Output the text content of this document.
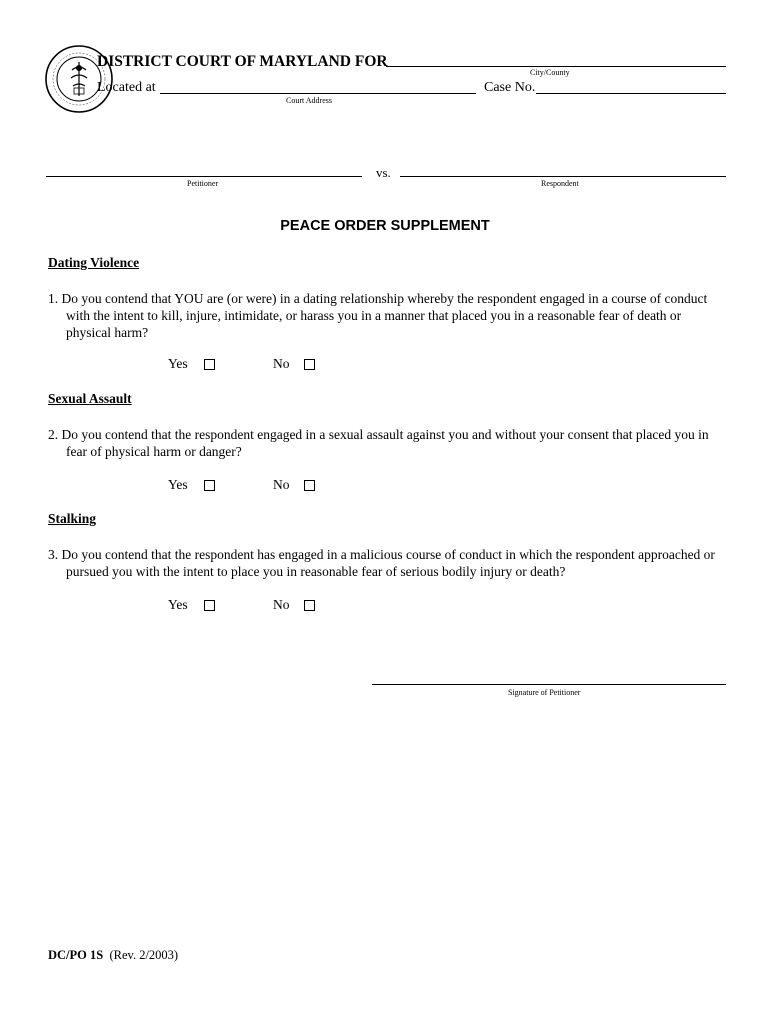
DISTRICT COURT OF MARYLAND FOR
City/County
Located at
Court Address
Case No.
Petitioner
vs.
Respondent
PEACE ORDER SUPPLEMENT
Dating Violence
1. Do you contend that YOU are (or were) in a dating relationship whereby the respondent engaged in a course of conduct with the intent to kill, injure, intimidate, or harass you in a manner that placed you in a reasonable fear of death or physical harm?
Yes	No
Sexual Assault
2. Do you contend that the respondent engaged in a sexual assault against you and without your consent that placed you in fear of physical harm or danger?
Yes	No
Stalking
3. Do you contend that the respondent has engaged in a malicious course of conduct in which the respondent approached or pursued you with the intent to place you in reasonable fear of serious bodily injury or death?
Yes	No
Signature of Petitioner
DC/PO 1S (Rev. 2/2003)
